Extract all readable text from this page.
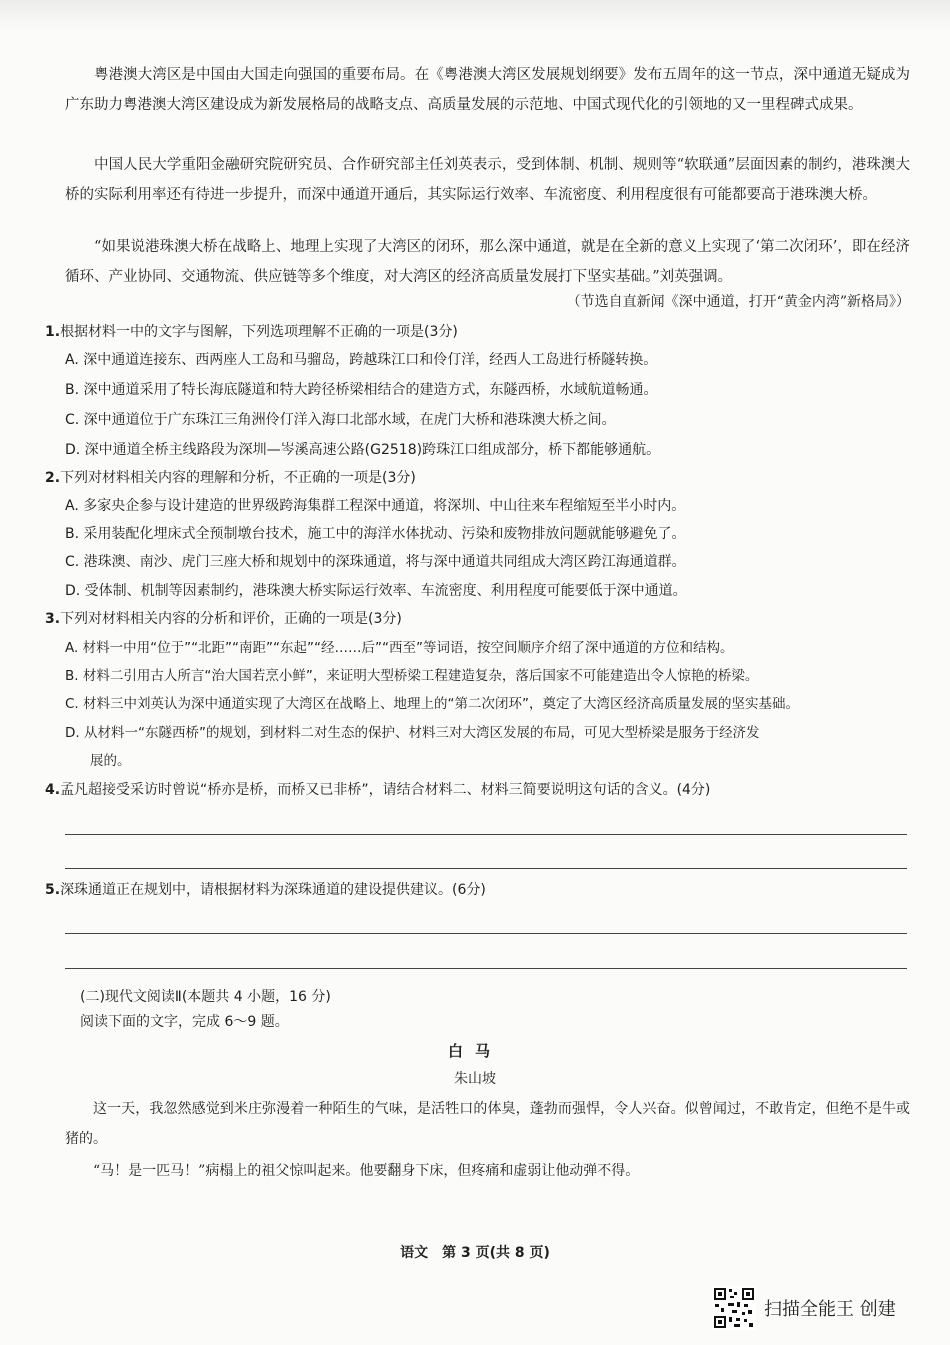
粤港澳大湾区是中国由大国走向强国的重要布局。在《粤港澳大湾区发展规划纲要》发布五周年的这一节点，深中通道无疑成为广东助力粤港澳大湾区建设成为新发展格局的战略支点、高质量发展的示范地、中国式现代化的引领地的又一里程碑式成果。

中国人民大学重阳金融研究院研究员、合作研究部主任刘英表示，受到体制、机制、规则等“软联通”层面因素的制约，港珠澳大桥的实际利用率还有待进一步提升，而深中通道开通后，其实际运行效率、车流密度、利用程度很有可能都要高于港珠澳大桥。

“如果说港珠澳大桥在战略上、地理上实现了大湾区的闭环，那么深中通道，就是在全新的意义上实现了‘第二次闭环’，即在经济循环、产业协同、交通物流、供应链等多个维度，对大湾区的经济高质量发展打下坚实基础。”刘英强调。

（节选自直新闻《深中通道，打开“黄金内湾”新格局》）
1.根据材料一中的文字与图解，下列选项理解不正确的一项是(3分)
A. 深中通道连接东、西两座人工岛和马骝岛，跨越珠江口和伶仃洋，经西人工岛进行桥隧转换。
B. 深中通道采用了特长海底隧道和特大跨径桥梁相结合的建造方式，东隧西桥，水域航道畅通。
C. 深中通道位于广东珠江三角洲伶仃洋入海口北部水域，在虎门大桥和港珠澳大桥之间。
D. 深中通道全桥主线路段为深圳—岑溪高速公路(G2518)跨珠江口组成部分，桥下都能够通航。
2.下列对材料相关内容的理解和分析，不正确的一项是(3分)
A. 多家央企参与设计建造的世界级跨海集群工程深中通道，将深圳、中山往来车程缩短至半小时内。
B. 采用装配化埋床式全预制墩台技术，施工中的海洋水体扰动、污染和废物排放问题就能够避免了。
C. 港珠澳、南沙、虎门三座大桥和规划中的深珠通道，将与深中通道共同组成大湾区跨江海通道群。
D. 受体制、机制等因素制约，港珠澳大桥实际运行效率、车流密度、利用程度可能要低于深中通道。
3.下列对材料相关内容的分析和评价，正确的一项是(3分)
A. 材料一中用“位于”“北距”“南距”“东起”“经……后”“西至”等词语，按空间顺序介绍了深中通道的方位和结构。
B. 材料二引用古人所言“治大国若烹小鲜”，来证明大型桥梁工程建造复杂，落后国家不可能建造出令人惊艳的桥梁。
C. 材料三中刘英认为深中通道实现了大湾区在战略上、地理上的“第二次闭环”，奠定了大湾区经济高质量发展的坚实基础。
D. 从材料一“东隧西桥”的规划，到材料二对生态的保护、材料三对大湾区发展的布局，可见大型桥梁是服务于经济发
展的。
4.孟凡超接受采访时曾说“桥亦是桥，而桥又已非桥”，请结合材料二、材料三简要说明这句话的含义。(4分)
5.深珠通道正在规划中，请根据材料为深珠通道的建设提供建议。(6分)
(二)现代文阅读Ⅱ(本题共 4 小题，16 分)
阅读下面的文字，完成 6～9 题。
白马
朱山坡

这一天，我忽然感觉到米庄弥漫着一种陌生的气味，是活牲口的体臭，蓬勃而强悍，令人兴奋。似曾闻过，不敢肯定，但绝不是牛或猪的。

“马！是一匹马！”病榻上的祖父惊叫起来。他要翻身下床，但疼痛和虚弱让他动弹不得。

语文　第 3 页(共 8 页)
扫描全能王 创建
